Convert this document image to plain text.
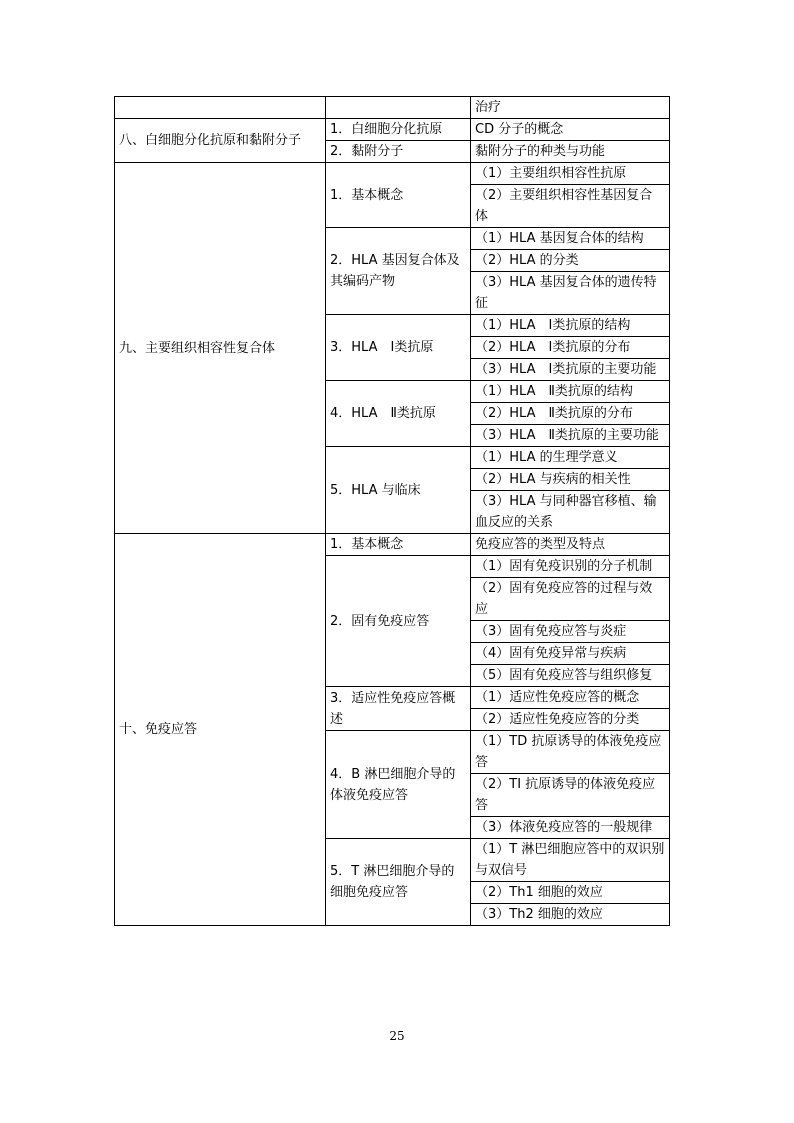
		治疗
八、白细胞分化抗原和黏附分子	1．白细胞分化抗原	CD 分子的概念
	2．黏附分子	黏附分子的种类与功能
九、主要组织相容性复合体	1．基本概念	（1）主要组织相容性抗原
		（2）主要组织相容性基因复合体
	2．HLA 基因复合体及其编码产物	（1）HLA 基因复合体的结构
		（2）HLA 的分类
		（3）HLA 基因复合体的遗传特征
	3．HLA　Ⅰ类抗原	（1）HLA　Ⅰ类抗原的结构
		（2）HLA　Ⅰ类抗原的分布
		（3）HLA　Ⅰ类抗原的主要功能
	4．HLA　Ⅱ类抗原	（1）HLA　Ⅱ类抗原的结构
		（2）HLA　Ⅱ类抗原的分布
		（3）HLA　Ⅱ类抗原的主要功能
	5．HLA 与临床	（1）HLA 的生理学意义
		（2）HLA 与疾病的相关性
		（3）HLA 与同种器官移植、输血反应的关系
十、免疫应答	1．基本概念	免疫应答的类型及特点
	2．固有免疫应答	（1）固有免疫识别的分子机制
		（2）固有免疫应答的过程与效应
		（3）固有免疫应答与炎症
		（4）固有免疫异常与疾病
		（5）固有免疫应答与组织修复
	3．适应性免疫应答概述	（1）适应性免疫应答的概念
		（2）适应性免疫应答的分类
	4．B 淋巴细胞介导的体液免疫应答	（1）TD 抗原诱导的体液免疫应答
		（2）TI 抗原诱导的体液免疫应答
		（3）体液免疫应答的一般规律
	5．T 淋巴细胞介导的细胞免疫应答	（1）T 淋巴细胞应答中的双识别与双信号
		（2）Th1 细胞的效应
		（3）Th2 细胞的效应
25
